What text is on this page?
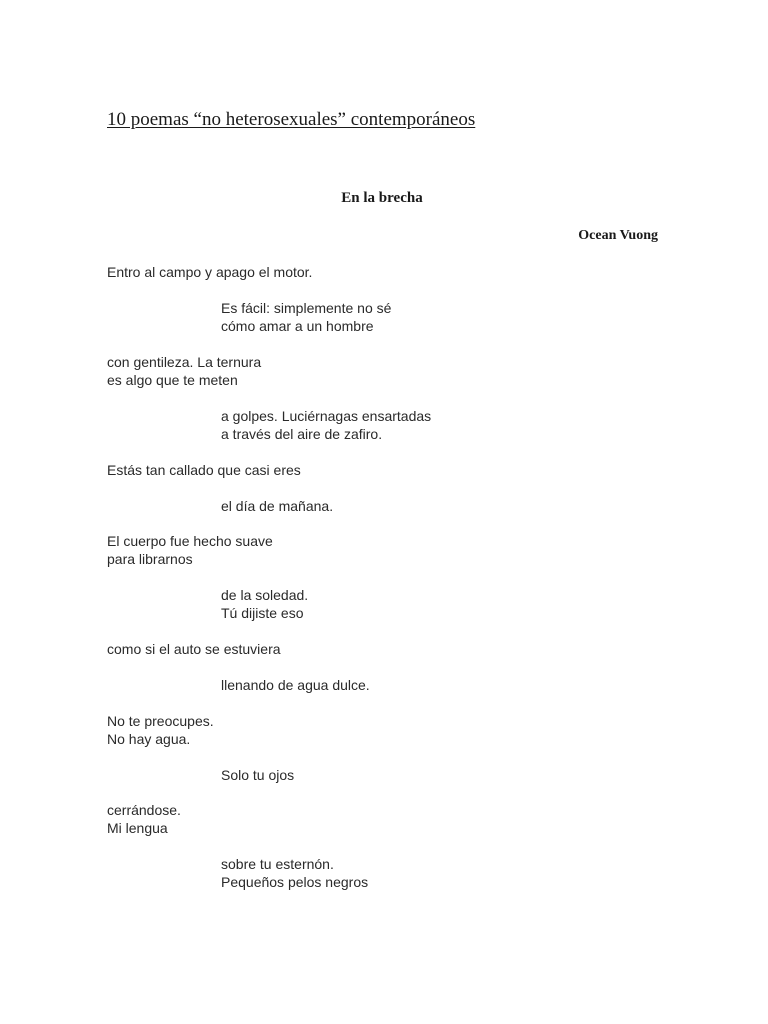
10 poemas “no heterosexuales” contemporáneos
En la brecha
Ocean Vuong
Entro al campo y apago el motor.
Es fácil: simplemente no sé
cómo amar a un hombre
con gentileza. La ternura
es algo que te meten
a golpes. Luciérnagas ensartadas
a través del aire de zafiro.
Estás tan callado que casi eres
el día de mañana.
El cuerpo fue hecho suave
para librarnos
de la soledad.
Tú dijiste eso
como si el auto se estuviera
llenando de agua dulce.
No te preocupes.
No hay agua.
Solo tu ojos
cerrándose.
Mi lengua
sobre tu esternón.
Pequeños pelos negros
